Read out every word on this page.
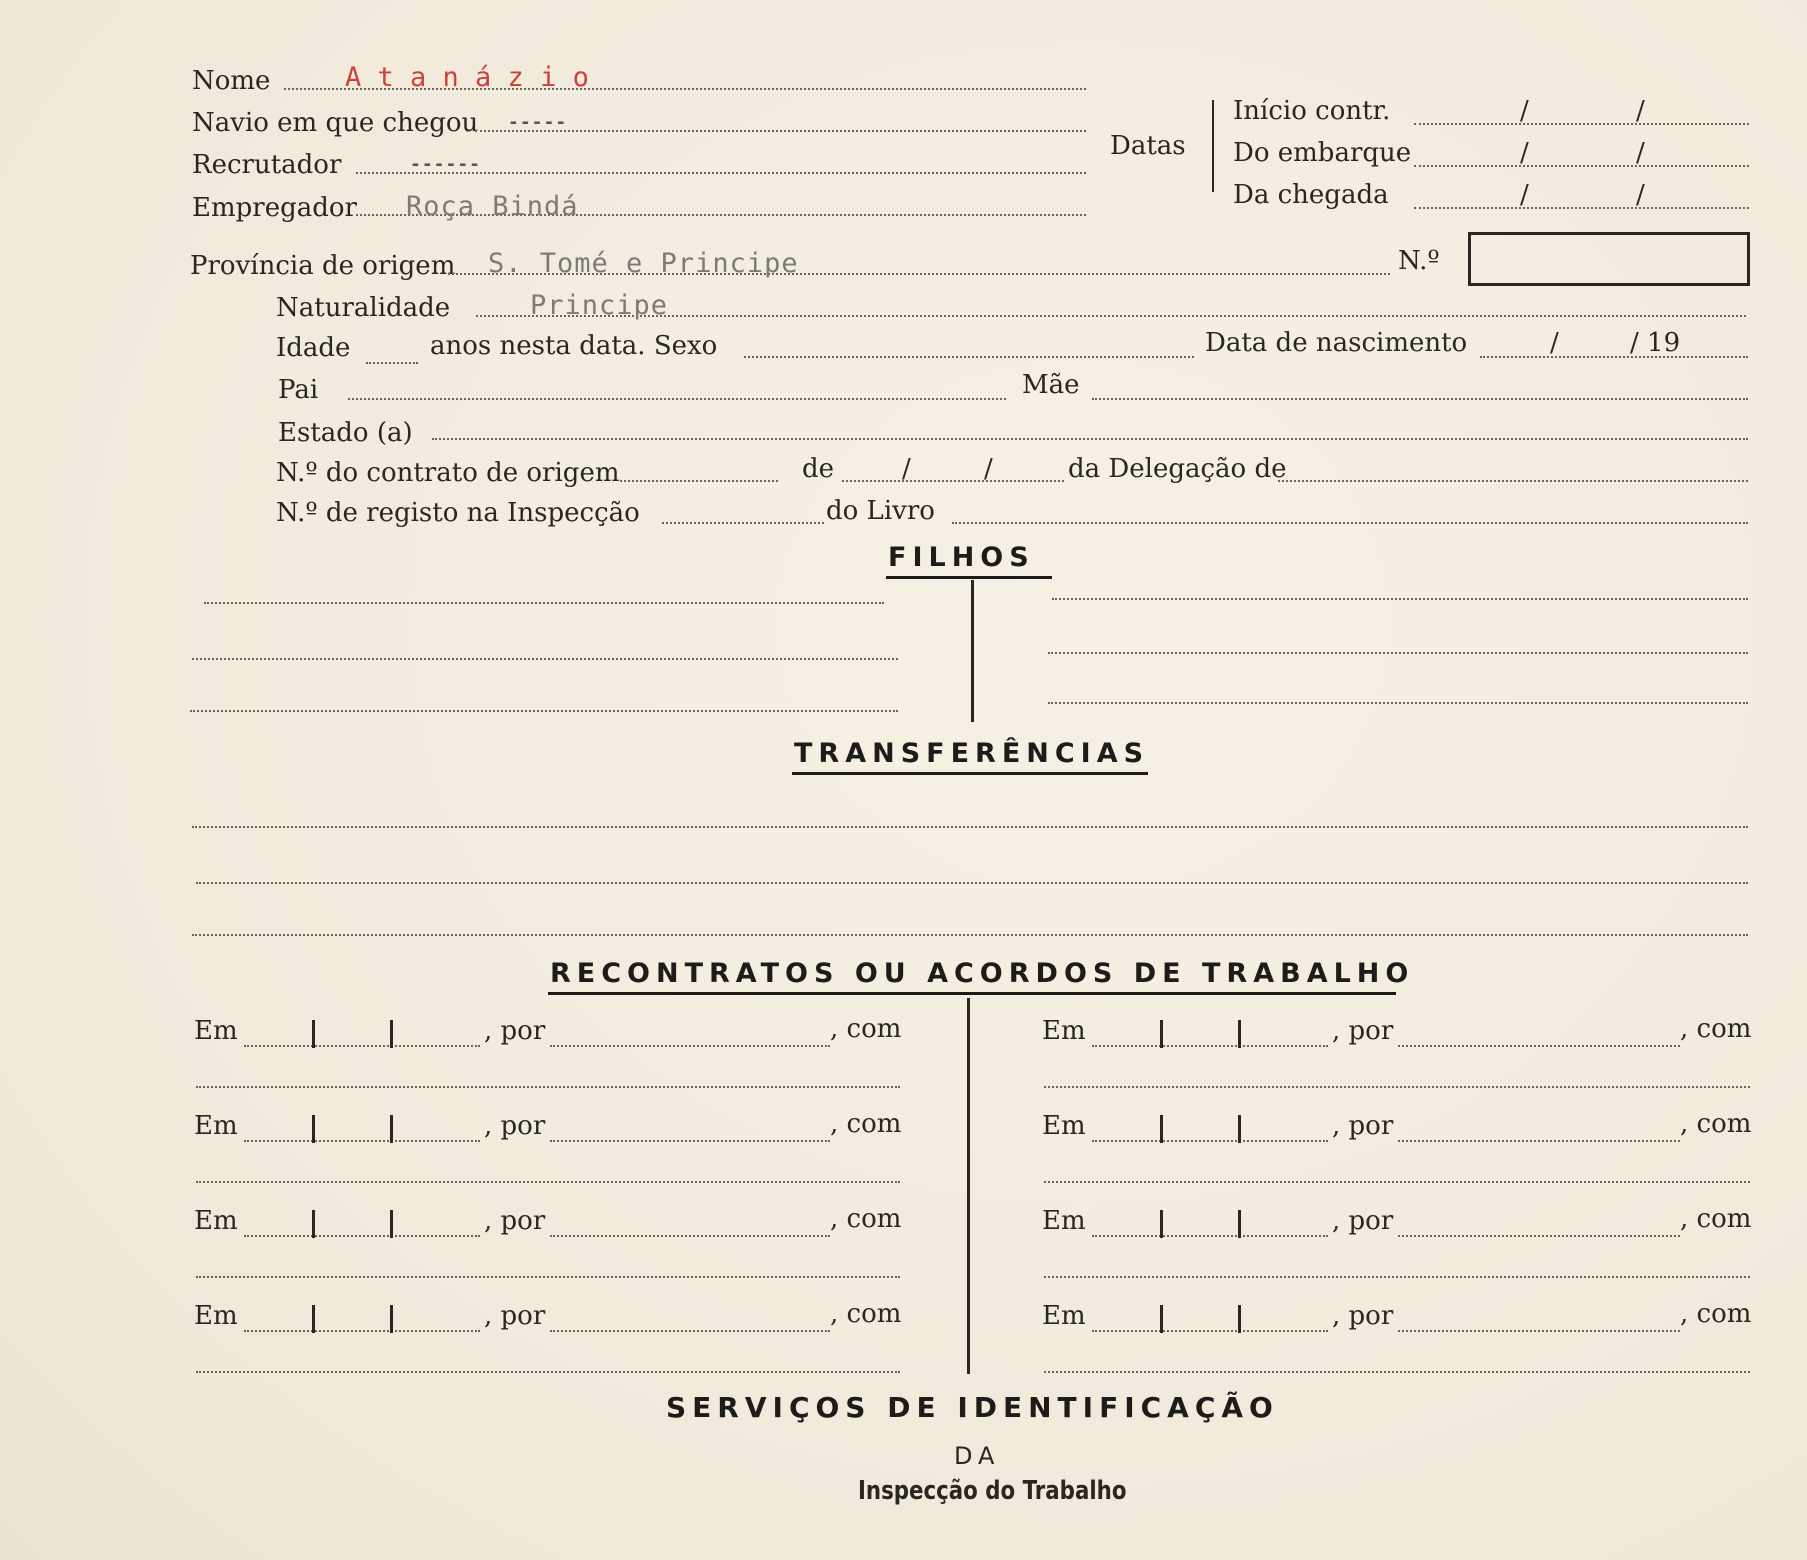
Nome	A t a n á z i o
Navio em que chegou -----
Recrutador	------
Empregador Roça Bindá
Datas
Início contr.	/	/
Do embarque	/	/
Da chegada	/	/
Província de origem S. Tomé e Principe	N.º
Naturalidade	Principe
Idade	anos nesta data. Sexo	Data de nascimento	/	/ 19
Pai	Mãe
Estado (a)
N.º do contrato de origem	de	/	/	da Delegação de
N.º de registo na Inspecção	do Livro
FILHOS
TRANSFERÊNCIAS
RECONTRATOS OU ACORDOS DE TRABALHO
Em	, por	, com
Em	, por	, com
Em	, por	, com
Em	, por	, com
Em	, por	, com
Em	, por	, com
Em	, por	, com
Em	, por	, com
SERVIÇOS DE IDENTIFICAÇÃO
DA
Inspecção do Trabalho
